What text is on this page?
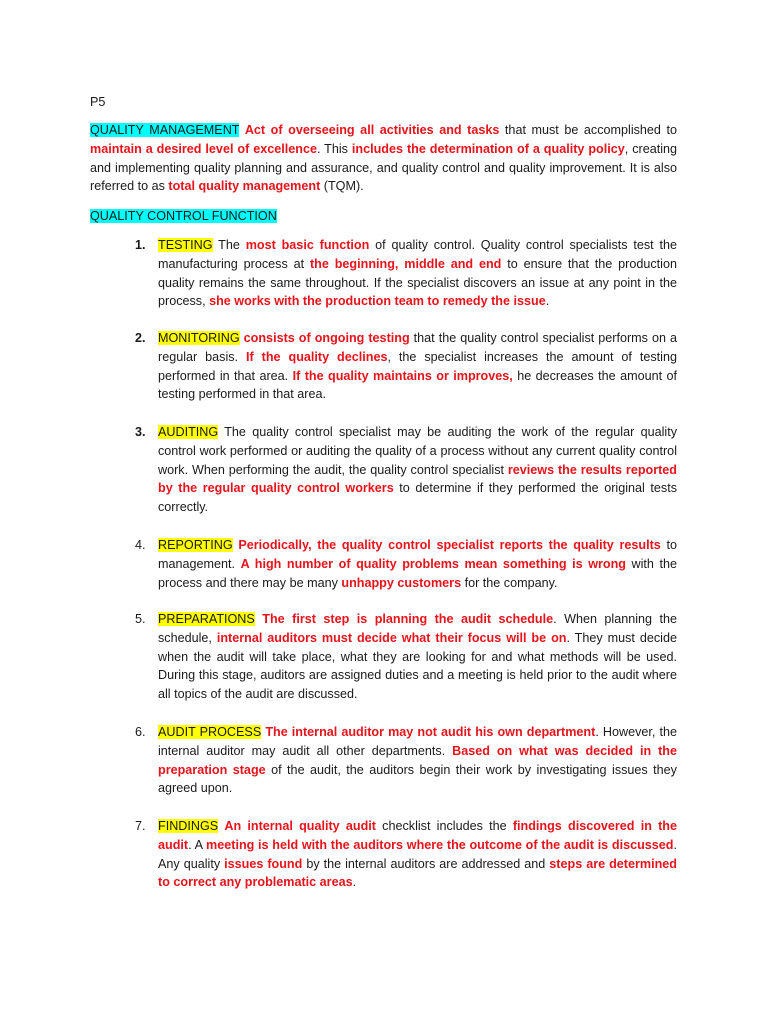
P5

QUALITY MANAGEMENT Act of overseeing all activities and tasks that must be accomplished to maintain a desired level of excellence. This includes the determination of a quality policy, creating and implementing quality planning and assurance, and quality control and quality improvement. It is also referred to as total quality management (TQM).

QUALITY CONTROL FUNCTION

1. TESTING The most basic function of quality control. Quality control specialists test the manufacturing process at the beginning, middle and end to ensure that the production quality remains the same throughout. If the specialist discovers an issue at any point in the process, she works with the production team to remedy the issue.

2. MONITORING consists of ongoing testing that the quality control specialist performs on a regular basis. If the quality declines, the specialist increases the amount of testing performed in that area. If the quality maintains or improves, he decreases the amount of testing performed in that area.

3. AUDITING The quality control specialist may be auditing the work of the regular quality control work performed or auditing the quality of a process without any current quality control work. When performing the audit, the quality control specialist reviews the results reported by the regular quality control workers to determine if they performed the original tests correctly.

4. REPORTING Periodically, the quality control specialist reports the quality results to management. A high number of quality problems mean something is wrong with the process and there may be many unhappy customers for the company.

5. PREPARATIONS The first step is planning the audit schedule. When planning the schedule, internal auditors must decide what their focus will be on. They must decide when the audit will take place, what they are looking for and what methods will be used. During this stage, auditors are assigned duties and a meeting is held prior to the audit where all topics of the audit are discussed.

6. AUDIT PROCESS The internal auditor may not audit his own department. However, the internal auditor may audit all other departments. Based on what was decided in the preparation stage of the audit, the auditors begin their work by investigating issues they agreed upon.

7. FINDINGS An internal quality audit checklist includes the findings discovered in the audit. A meeting is held with the auditors where the outcome of the audit is discussed. Any quality issues found by the internal auditors are addressed and steps are determined to correct any problematic areas.
